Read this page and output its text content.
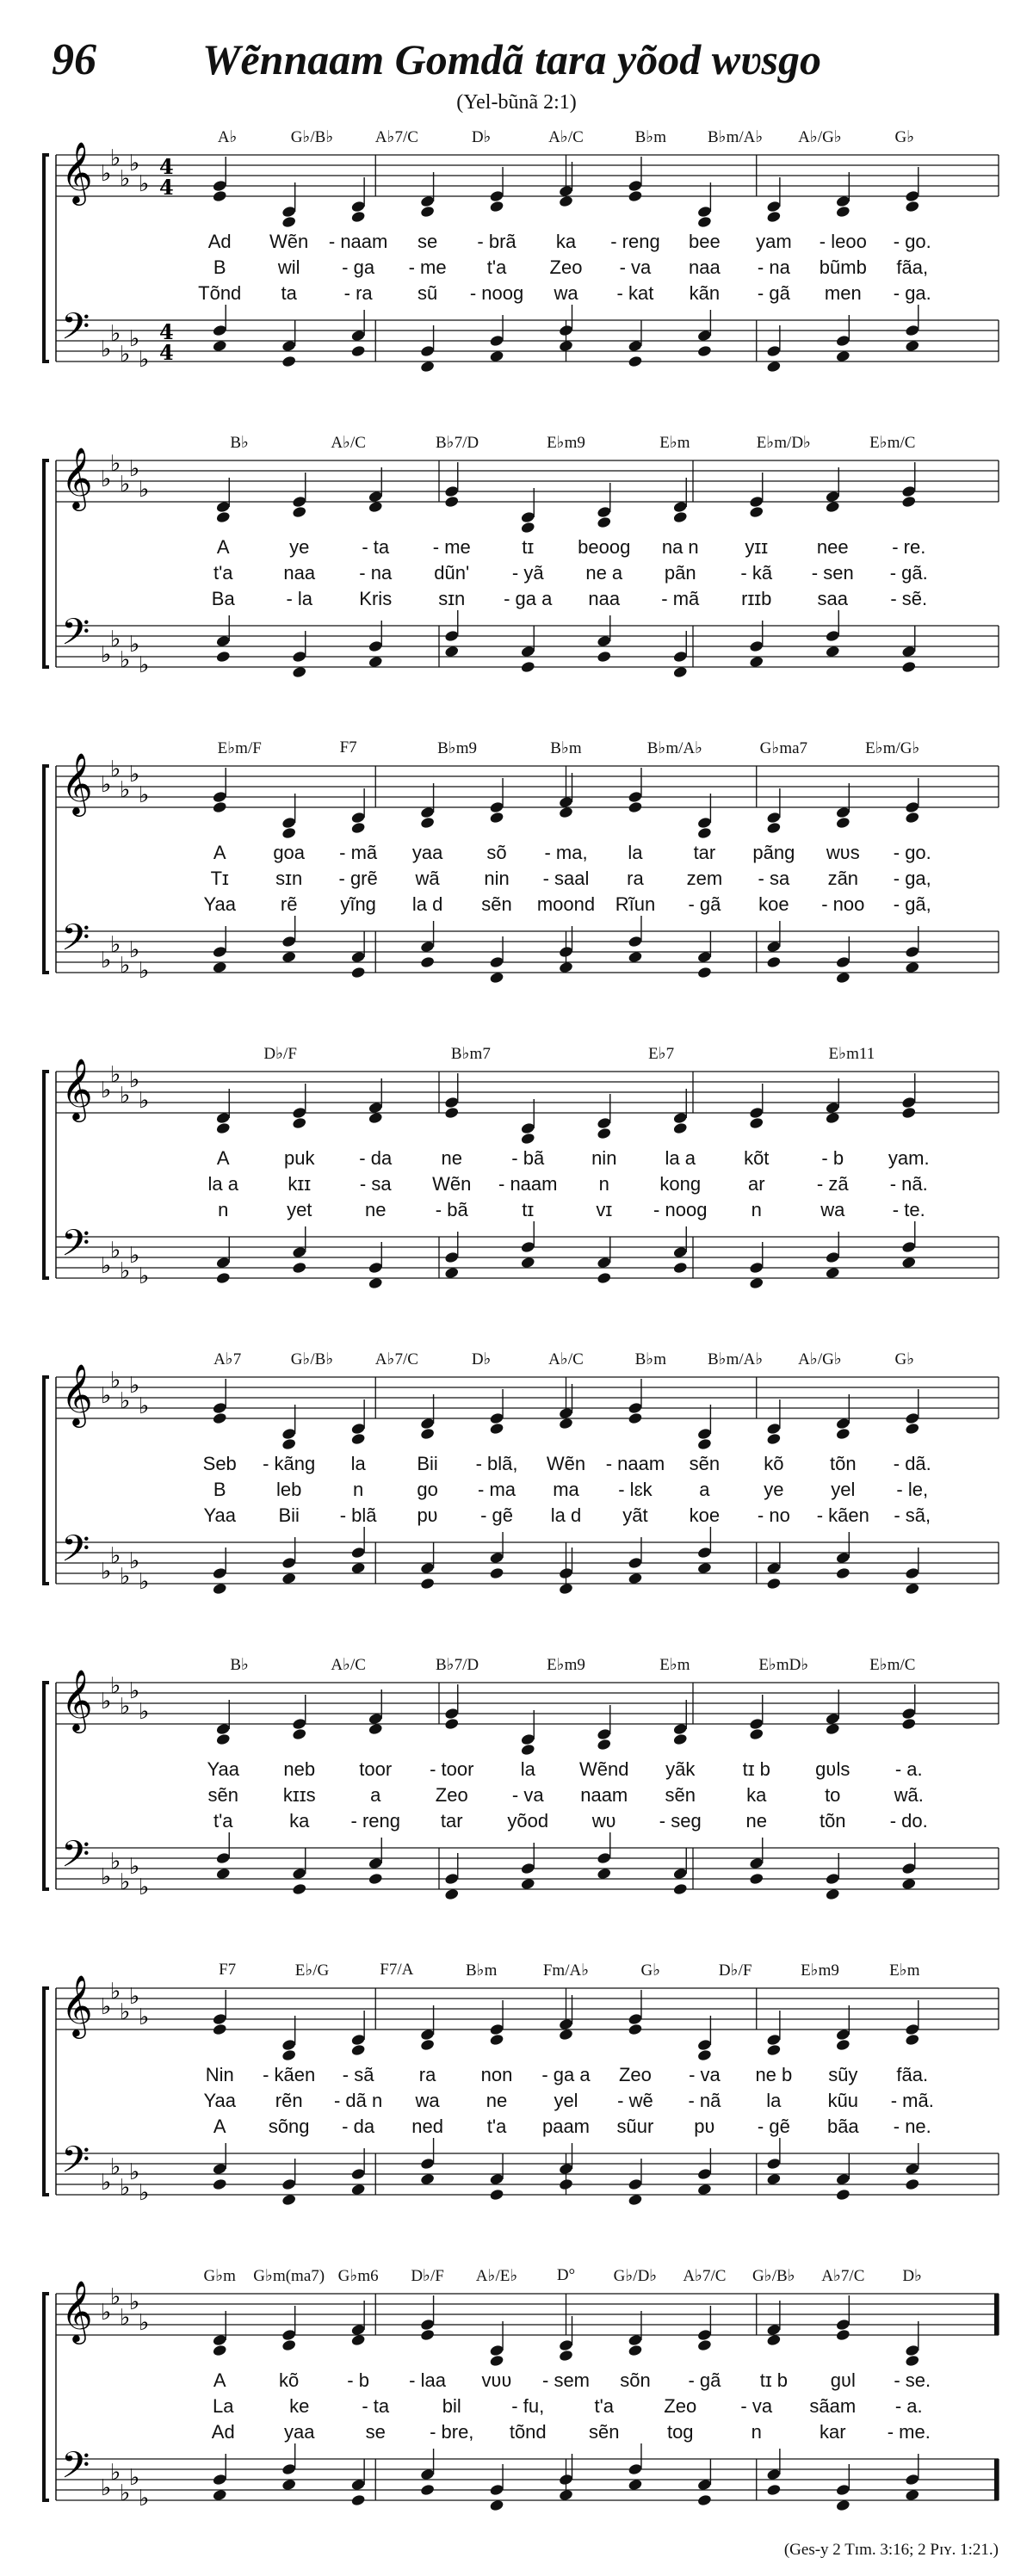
96 Wẽnnaam Gomdã tara yõod wʋsgo
(Yel-bũnã 2:1)
𝄞
𝄢
♭
♭
♭
♭
♭
♭
♭
♭
♭
♭
4
4
4
4
A♭	G♭/B♭	A♭7/C	D♭	A♭/C	B♭m	B♭m/A♭ A♭/G♭	G♭
Ad Wẽn - naam se - brã ka - reng bee yam - leoo - go.
B	wil - ga - me t'a Zeo - va naa - na bũmb fãa,
Tõnd ta - ra sũ - noog wa - kat kãn - gã men - ga.
𝄞
𝄢
♭
♭
♭
♭
♭
♭
♭
♭
♭
♭
B♭	A♭/C	B♭7/D	E♭m9	E♭m	E♭m/D♭	E♭m/C
A	ye	- ta - me	tɪ beoog na n yɪɪ	nee - re.
t'a	naa - na dũn' - yã ne a pãn - kã - sen - gã.
Ba	- la Kris sɪn - ga a naa - mã rɪɪb saa - sẽ.
𝄞
𝄢
♭
♭
♭
♭
♭
♭
♭
♭
♭
♭
E♭m/F	F7	B♭m9	B♭m	B♭m/A♭	G♭ma7	E♭m/G♭
A goa - mã yaa sõ - ma, la	tar pãng wʋs - go.
Tɪ sɪn - grẽ wã nin - saal ra zem - sa zãn - ga,
Yaa rẽ yĩng la d sẽn moond Rĩun - gã koe - noo - gã,
𝄞
𝄢
♭
♭
♭
♭
♭
♭
♭
♭
♭
♭
D♭/F	B♭m7	E♭7	E♭m11
A	puk - da	ne	- bã nin	la a	kõt	- b yam.
la a	kɪɪ	- sa Wẽn - naam n	kong ar	- zã - nã.
n	yet	ne	- bã	tɪ	vɪ - noog n	wa	- te.
𝄞
𝄢
♭
♭
♭
♭
♭
♭
♭
♭
♭
♭
A♭7	G♭/B♭	A♭7/C	D♭	A♭/C	B♭m	B♭m/A♭ A♭/G♭	G♭
Seb - kãng la	Bii - blã, Wẽn - naam sẽn kõ tõn - dã.
B	leb	n	go - ma ma - lɛk a	ye yel - le,
Yaa Bii - blã pʋ - gẽ la d yãt koe - no - kãen - sã,
𝄞
𝄢
♭
♭
♭
♭
♭
♭
♭
♭
♭
♭
B♭	A♭/C	B♭7/D	E♭m9	E♭m	E♭mD♭	E♭m/C
Yaa neb toor - toor la Wẽnd yãk	tɪ b gʋls - a.
sẽn kɪɪs	a	Zeo - va naam sẽn	ka	to	wã.
t'a	ka - reng tar yõod wʋ - seg ne	tõn - do.
𝄞
𝄢
♭
♭
♭
♭
♭
♭
♭
♭
♭
♭
F7	E♭/G	F7/A	B♭m	Fm/A♭	G♭	D♭/F	E♭m9	E♭m
Nin - kãen - sã ra non - ga a Zeo - va ne b sũy fãa.
Yaa rẽn - dã n wa ne yel - wẽ - nã la kũu - mã.
A sõng - da ned t'a paam sũur pʋ - gẽ bãa - ne.
𝄞
𝄢
♭
♭
♭
♭
♭
♭
♭
♭
♭
♭
G♭m G♭m(ma7) G♭m6 D♭/F A♭/E♭ D° G♭/D♭ A♭7/C G♭/B♭ A♭7/C D♭
A	kõ	- b - laa vʋʋ - sem sõn - gã tɪ b gʋl - se.
La	ke	- ta	bil	- fu,	t'a	Zeo - va sãam - a.
Ad	yaa	se - bre, tõnd sẽn	tog	n	kar - me.
(Ges-y 2 Tɪm. 3:16; 2 Pɪʏ. 1:21.)
